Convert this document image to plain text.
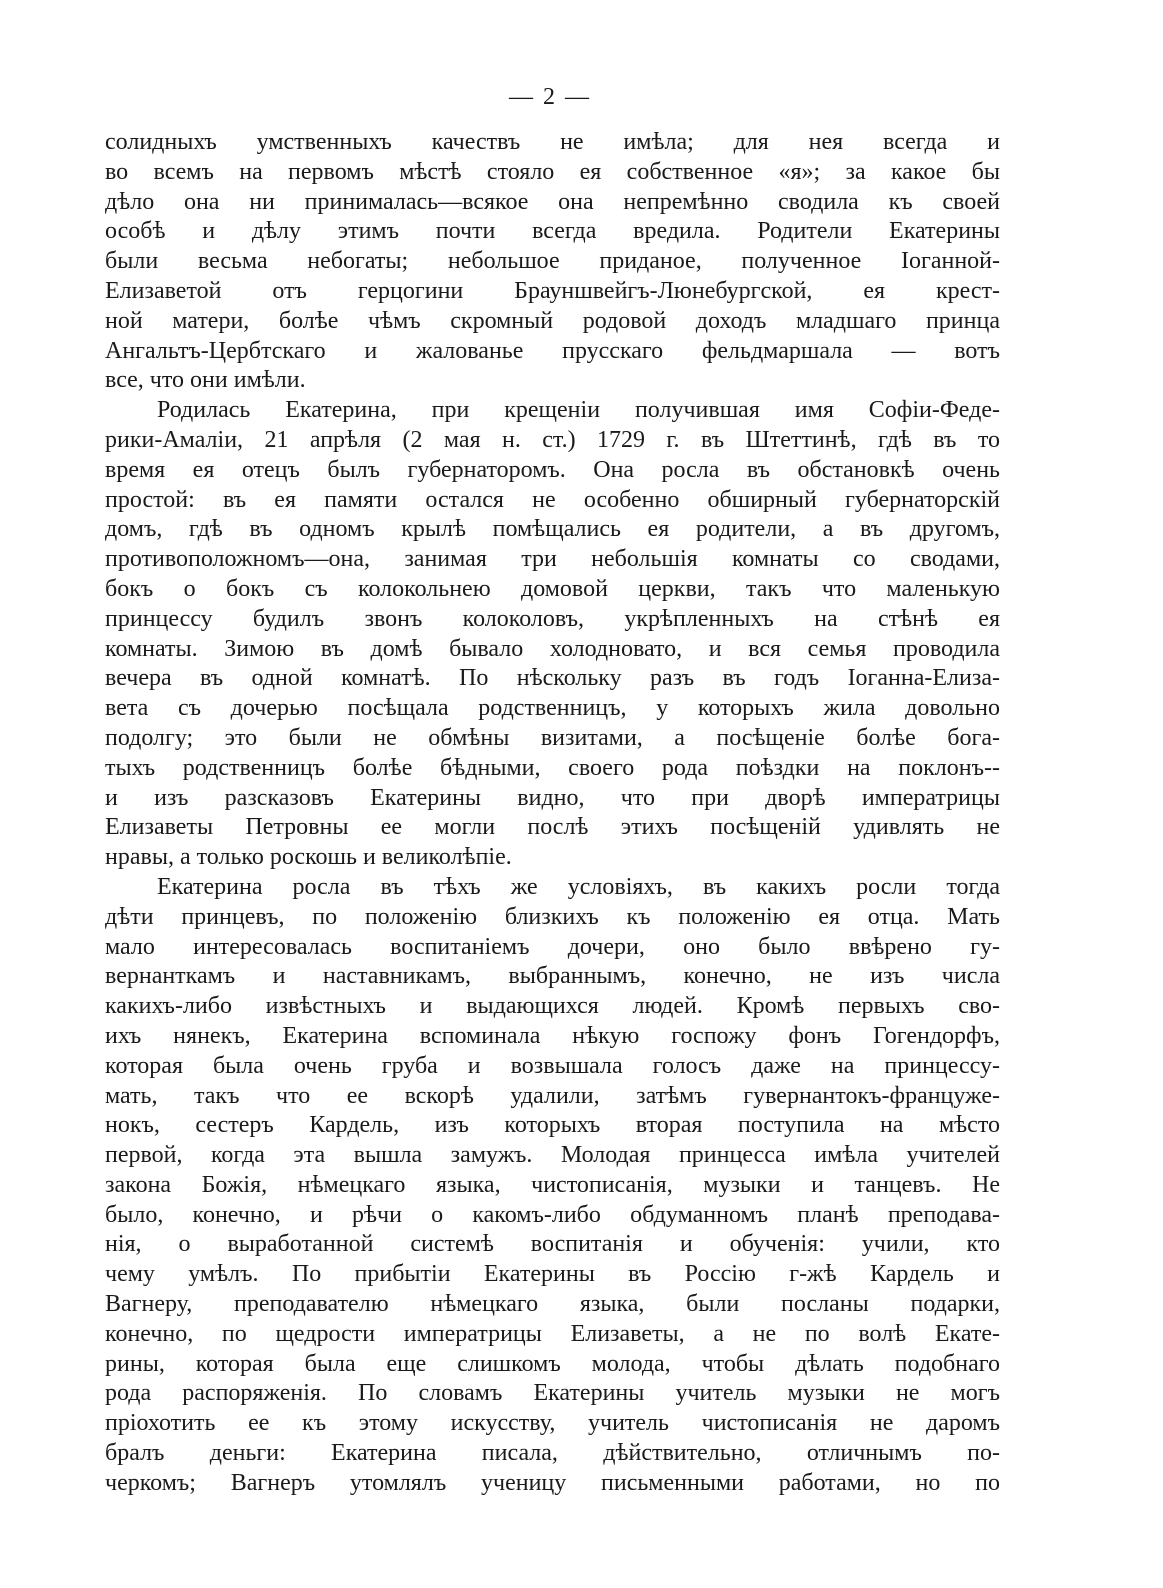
— 2 —
солидныхъ умственныхъ качествъ не имѣла; для нея всегда и
во всемъ на первомъ мѣстѣ стояло ея собственное «я»; за какое бы
дѣло она ни принималась—всякое она непремѣнно сводила къ своей
особѣ и дѣлу этимъ почти всегда вредила. Родители Екатерины
были весьма небогаты; небольшое приданое, полученное Іоганной-
Елизаветой отъ герцогини Брауншвейгъ-Люнебургской, ея крест-
ной матери, болѣе чѣмъ скромный родовой доходъ младшаго принца
Ангальтъ-Цербтскаго и жалованье прусскаго фельдмаршала — вотъ
все, что они имѣли.
Родилась Екатерина, при крещеніи получившая имя Софіи-Феде-
рики-Амаліи, 21 апрѣля (2 мая н. ст.) 1729 г. въ Штеттинѣ, гдѣ въ то
время ея отецъ былъ губернаторомъ. Она росла въ обстановкѣ очень
простой: въ ея памяти остался не особенно обширный губернаторскій
домъ, гдѣ въ одномъ крылѣ помѣщались ея родители, а въ другомъ,
противоположномъ—она, занимая три небольшія комнаты со сводами,
бокъ о бокъ съ колокольнею домовой церкви, такъ что маленькую
принцессу будилъ звонъ колоколовъ, укрѣпленныхъ на стѣнѣ ея
комнаты. Зимою въ домѣ бывало холодновато, и вся семья проводила
вечера въ одной комнатѣ. По нѣскольку разъ въ годъ Іоганна-Елиза-
вета съ дочерью посѣщала родственницъ, у которыхъ жила довольно
подолгу; это были не обмѣны визитами, а посѣщеніе болѣе бога-
тыхъ родственницъ болѣе бѣдными, своего рода поѣздки на поклонъ--
и изъ разсказовъ Екатерины видно, что при дворѣ императрицы
Елизаветы Петровны ее могли послѣ этихъ посѣщеній удивлять не
нравы, а только роскошь и великолѣпіе.
Екатерина росла въ тѣхъ же условіяхъ, въ какихъ росли тогда
дѣти принцевъ, по положенію близкихъ къ положенію ея отца. Мать
мало интересовалась воспитаніемъ дочери, оно было ввѣрено гу-
вернанткамъ и наставникамъ, выбраннымъ, конечно, не изъ числа
какихъ-либо извѣстныхъ и выдающихся людей. Кромѣ первыхъ сво-
ихъ нянекъ, Екатерина вспоминала нѣкую госпожу фонъ Гогендорфъ,
которая была очень груба и возвышала голосъ даже на принцессу-
мать, такъ что ее вскорѣ удалили, затѣмъ гувернантокъ-француже-
нокъ, сестеръ Кардель, изъ которыхъ вторая поступила на мѣсто
первой, когда эта вышла замужъ. Молодая принцесса имѣла учителей
закона Божія, нѣмецкаго языка, чистописанія, музыки и танцевъ. Не
было, конечно, и рѣчи о какомъ-либо обдуманномъ планѣ преподава-
нія, о выработанной системѣ воспитанія и обученія: учили, кто
чему умѣлъ. По прибытіи Екатерины въ Россію г-жѣ Кардель и
Вагнеру, преподавателю нѣмецкаго языка, были посланы подарки,
конечно, по щедрости императрицы Елизаветы, а не по волѣ Екате-
рины, которая была еще слишкомъ молода, чтобы дѣлать подобнаго
рода распоряженія. По словамъ Екатерины учитель музыки не могъ
пріохотить ее къ этому искусству, учитель чистописанія не даромъ
бралъ деньги: Екатерина писала, дѣйствительно, отличнымъ по-
черкомъ; Вагнеръ утомлялъ ученицу письменными работами, но по
